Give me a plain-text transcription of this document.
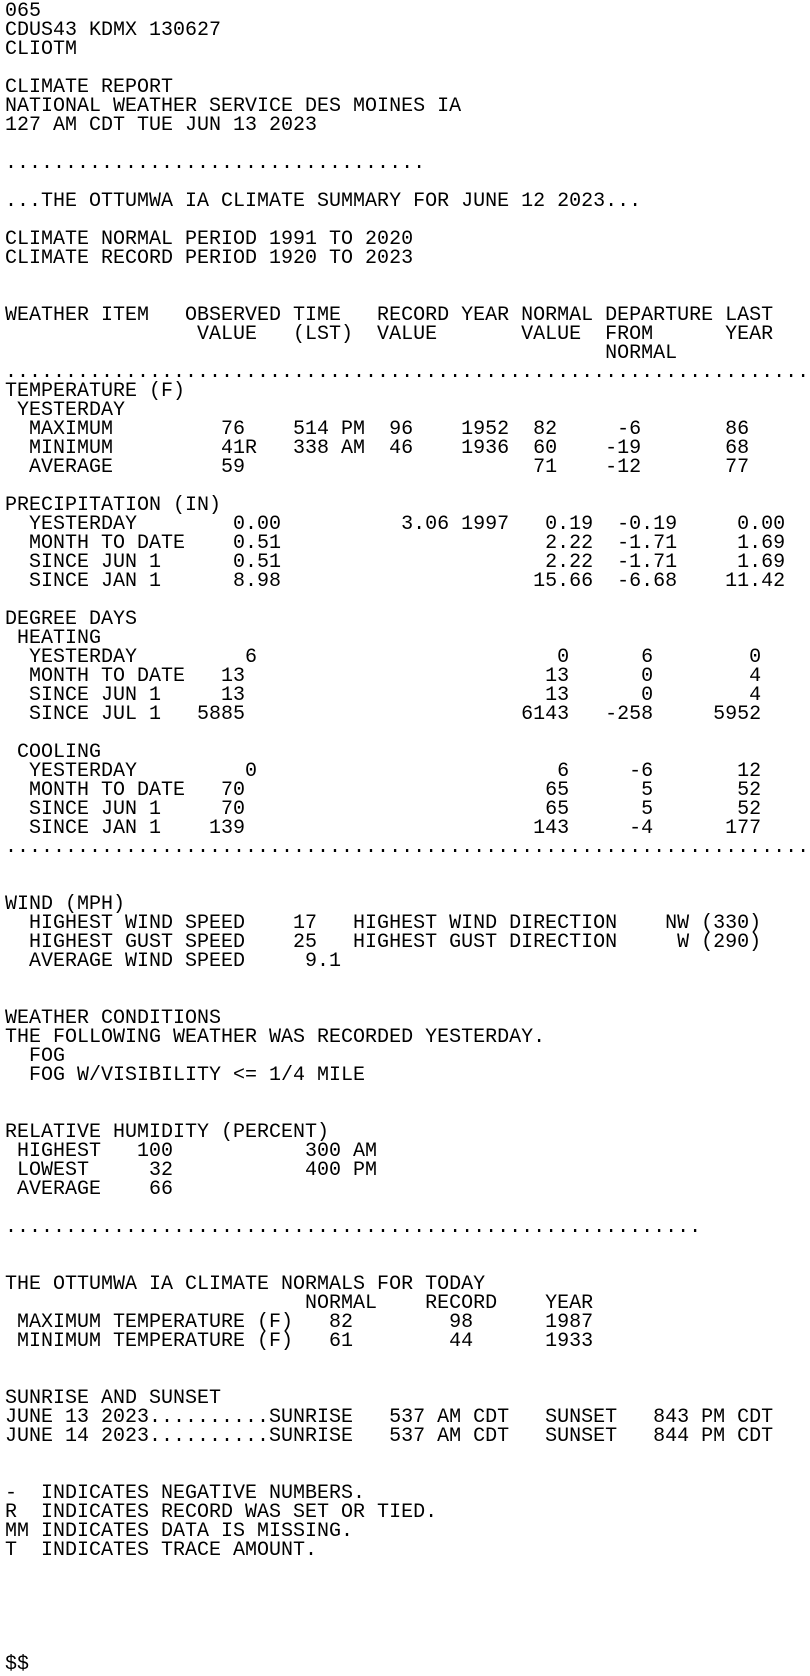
065
CDUS43 KDMX 130627
CLIOTM
CLIMATE REPORT
NATIONAL WEATHER SERVICE DES MOINES IA
127 AM CDT TUE JUN 13 2023
...................................
...THE OTTUMWA IA CLIMATE SUMMARY FOR JUNE 12 2023...
CLIMATE NORMAL PERIOD 1991 TO 2020
CLIMATE RECORD PERIOD 1920 TO 2023
WEATHER ITEM   OBSERVED TIME   RECORD YEAR NORMAL DEPARTURE LAST
VALUE   (LST)  VALUE       VALUE  FROM      YEAR
NORMAL
...................................................................
TEMPERATURE (F)
YESTERDAY
MAXIMUM         76    514 PM  96    1952  82     -6       86
MINIMUM         41R   338 AM  46    1936  60    -19       68
AVERAGE         59                        71    -12       77
PRECIPITATION (IN)
YESTERDAY        0.00          3.06 1997   0.19  -0.19     0.00
MONTH TO DATE    0.51                      2.22  -1.71     1.69
SINCE JUN 1      0.51                      2.22  -1.71     1.69
SINCE JAN 1      8.98                     15.66  -6.68    11.42
DEGREE DAYS
HEATING
YESTERDAY         6                         0      6        0
MONTH TO DATE   13                         13      0        4
SINCE JUN 1     13                         13      0        4
SINCE JUL 1   5885                       6143   -258     5952
COOLING
YESTERDAY         0                         6     -6       12
MONTH TO DATE   70                         65      5       52
SINCE JUN 1     70                         65      5       52
SINCE JAN 1    139                        143     -4      177
...................................................................
WIND (MPH)
HIGHEST WIND SPEED    17   HIGHEST WIND DIRECTION    NW (330)
HIGHEST GUST SPEED    25   HIGHEST GUST DIRECTION     W (290)
AVERAGE WIND SPEED     9.1
WEATHER CONDITIONS
THE FOLLOWING WEATHER WAS RECORDED YESTERDAY.
FOG
FOG W/VISIBILITY <= 1/4 MILE
RELATIVE HUMIDITY (PERCENT)
HIGHEST   100           300 AM
LOWEST     32           400 PM
AVERAGE    66
..........................................................
THE OTTUMWA IA CLIMATE NORMALS FOR TODAY
NORMAL    RECORD    YEAR
MAXIMUM TEMPERATURE (F)   82        98      1987
MINIMUM TEMPERATURE (F)   61        44      1933
SUNRISE AND SUNSET
JUNE 13 2023..........SUNRISE   537 AM CDT   SUNSET   843 PM CDT
JUNE 14 2023..........SUNRISE   537 AM CDT   SUNSET   844 PM CDT
-  INDICATES NEGATIVE NUMBERS.
R  INDICATES RECORD WAS SET OR TIED.
MM INDICATES DATA IS MISSING.
T  INDICATES TRACE AMOUNT.
$$
